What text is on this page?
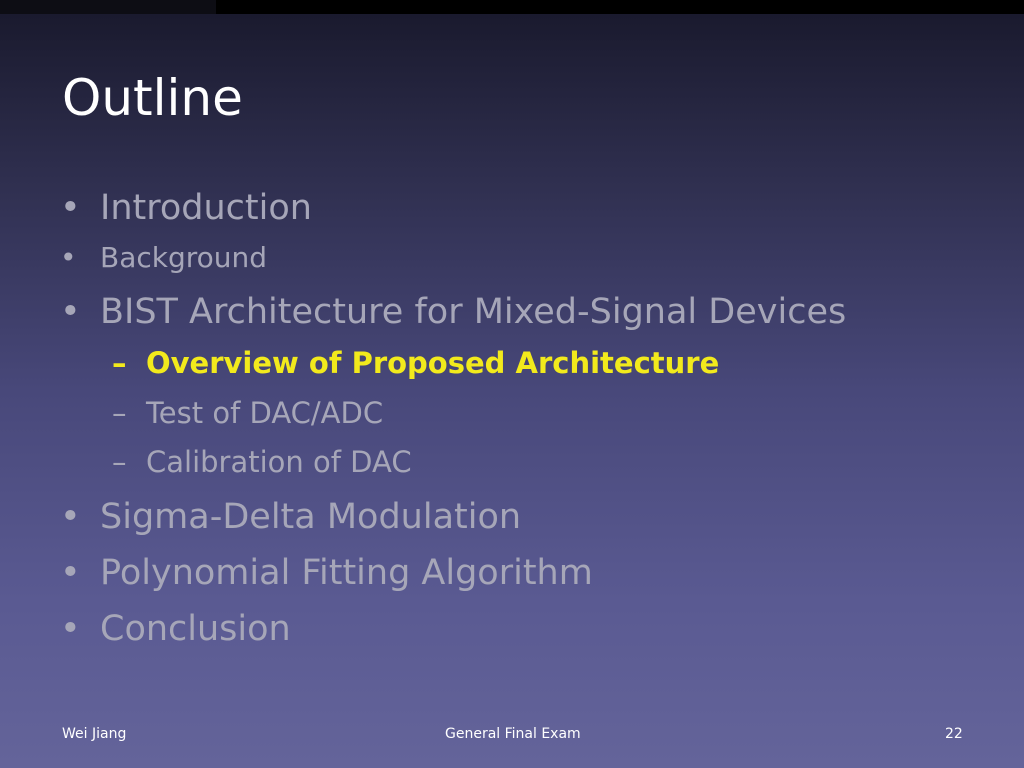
Outline
• Introduction
• Background
• BIST Architecture for Mixed-Signal Devices
– Overview of Proposed Architecture
– Test of DAC/ADC
– Calibration of DAC
• Sigma-Delta Modulation
• Polynomial Fitting Algorithm
• Conclusion
Wei Jiang	General Final Exam	22
